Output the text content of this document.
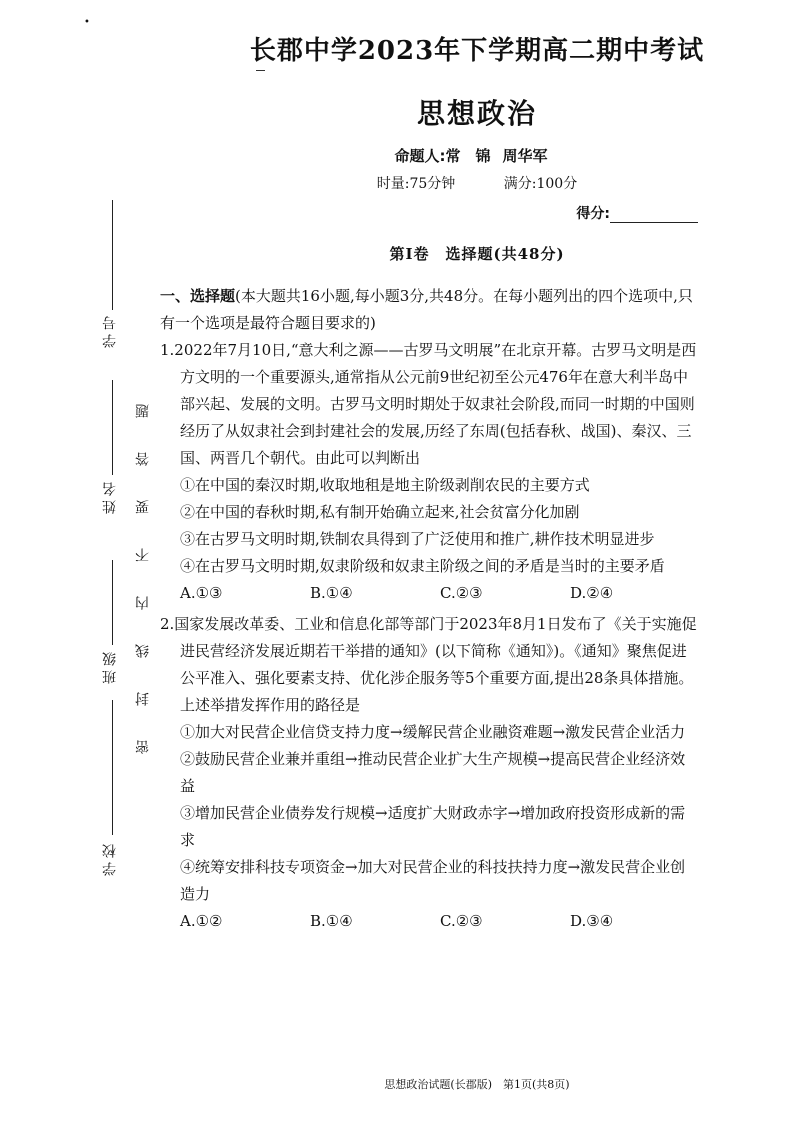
•
学号
姓名
班级
学校
密封线内不要答题
长郡中学2023年下学期高二期中考试
思想政治
命题人:常　锦 周华军
时量:75分钟	满分:100分
得分:
第Ⅰ卷　选择题(共48分)

一、选择题(本大题共16小题,每小题3分,共48分。在每小题列出的四个选项中,只有一个选项是最符合题目要求的)

1.2022年7月10日,“意大利之源——古罗马文明展”在北京开幕。古罗马文明是西方文明的一个重要源头,通常指从公元前9世纪初至公元476年在意大利半岛中部兴起、发展的文明。古罗马文明时期处于奴隶社会阶段,而同一时期的中国则经历了从奴隶社会到封建社会的发展,历经了东周(包括春秋、战国)、秦汉、三国、两晋几个朝代。由此可以判断出

①在中国的秦汉时期,收取地租是地主阶级剥削农民的主要方式

②在中国的春秋时期,私有制开始确立起来,社会贫富分化加剧

③在古罗马文明时期,铁制农具得到了广泛使用和推广,耕作技术明显进步

④在古罗马文明时期,奴隶阶级和奴隶主阶级之间的矛盾是当时的主要矛盾

A.①③	B.①④	C.②③	D.②④

2.国家发展改革委、工业和信息化部等部门于2023年8月1日发布了《关于实施促进民营经济发展近期若干举措的通知》(以下简称《通知》)。《通知》聚焦促进公平准入、强化要素支持、优化涉企服务等5个重要方面,提出28条具体措施。上述举措发挥作用的路径是

①加大对民营企业信贷支持力度→缓解民营企业融资难题→激发民营企业活力

②鼓励民营企业兼并重组→推动民营企业扩大生产规模→提高民营企业经济效益

③增加民营企业债券发行规模→适度扩大财政赤字→增加政府投资形成新的需求

④统筹安排科技专项资金→加大对民营企业的科技扶持力度→激发民营企业创造力

A.①②	B.①④	C.②③	D.③④
思想政治试题(长郡版)　第1页(共8页)
